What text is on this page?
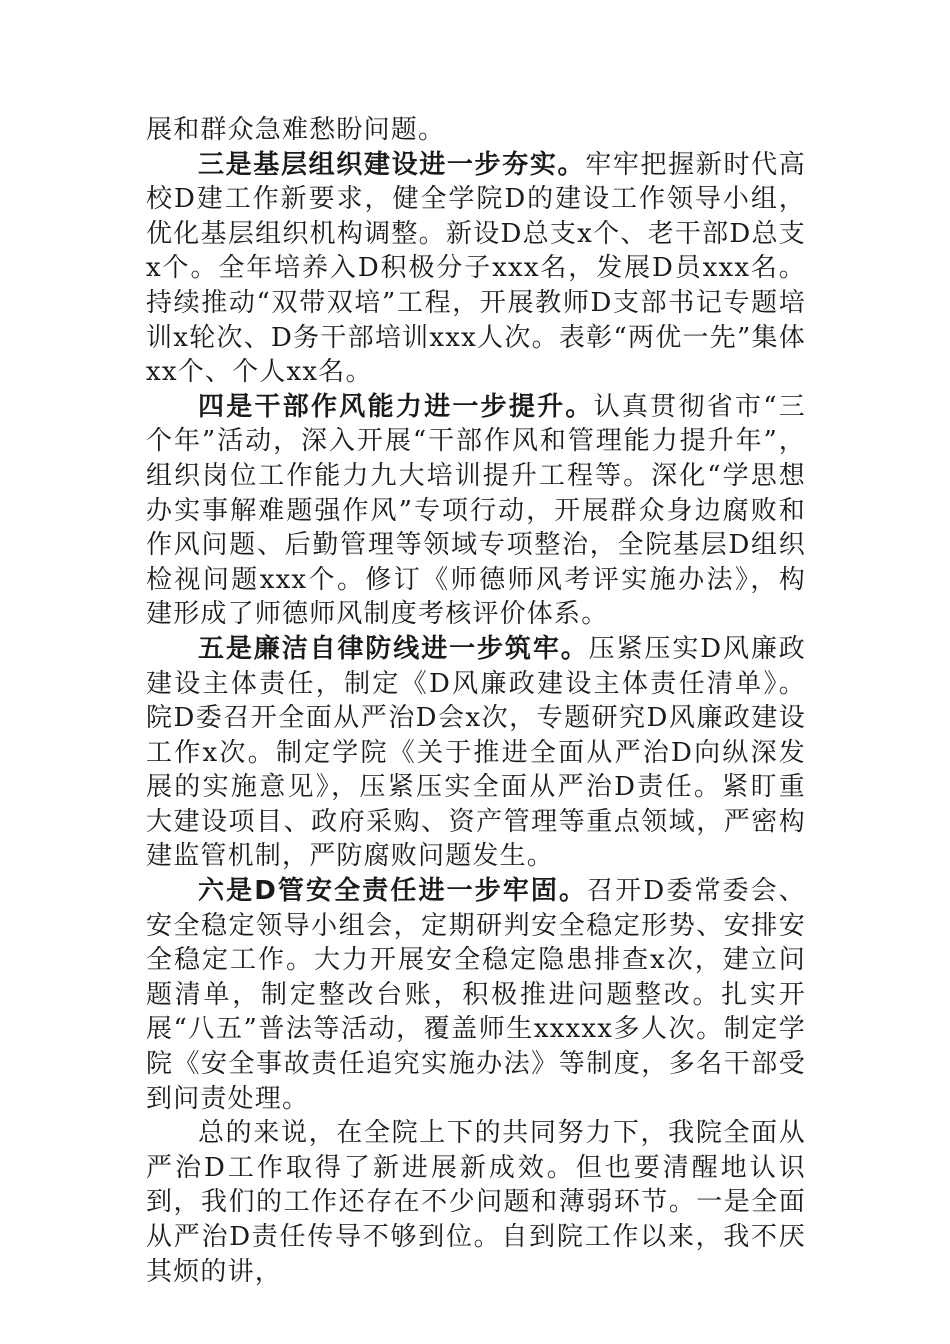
展和群众急难愁盼问题。

三是基层组织建设进一步夯实。牢牢把握新时代高校D建工作新要求，健全学院D的建设工作领导小组，优化基层组织机构调整。新设D总支x个、老干部D总支x个。全年培养入D积极分子xxx名，发展D员xxx名。持续推动“双带双培”工程，开展教师D支部书记专题培训x轮次、D务干部培训xxx人次。表彰“两优一先”集体xx个、个人xx名。

四是干部作风能力进一步提升。认真贯彻省市“三个年”活动，深入开展“干部作风和管理能力提升年”，组织岗位工作能力九大培训提升工程等。深化“学思想办实事解难题强作风”专项行动，开展群众身边腐败和作风问题、后勤管理等领域专项整治，全院基层D组织检视问题xxx个。修订《师德师风考评实施办法》，构建形成了师德师风制度考核评价体系。

五是廉洁自律防线进一步筑牢。压紧压实D风廉政建设主体责任，制定《D风廉政建设主体责任清单》。院D委召开全面从严治D会x次，专题研究D风廉政建设工作x次。制定学院《关于推进全面从严治D向纵深发展的实施意见》，压紧压实全面从严治D责任。紧盯重大建设项目、政府采购、资产管理等重点领域，严密构建监管机制，严防腐败问题发生。

六是D管安全责任进一步牢固。召开D委常委会、安全稳定领导小组会，定期研判安全稳定形势、安排安全稳定工作。大力开展安全稳定隐患排查x次，建立问题清单，制定整改台账，积极推进问题整改。扎实开展“八五”普法等活动，覆盖师生xxxxx多人次。制定学院《安全事故责任追究实施办法》等制度，多名干部受到问责处理。

总的来说，在全院上下的共同努力下，我院全面从严治D工作取得了新进展新成效。但也要清醒地认识到，我们的工作还存在不少问题和薄弱环节。一是全面从严治D责任传导不够到位。自到院工作以来，我不厌其烦的讲，
